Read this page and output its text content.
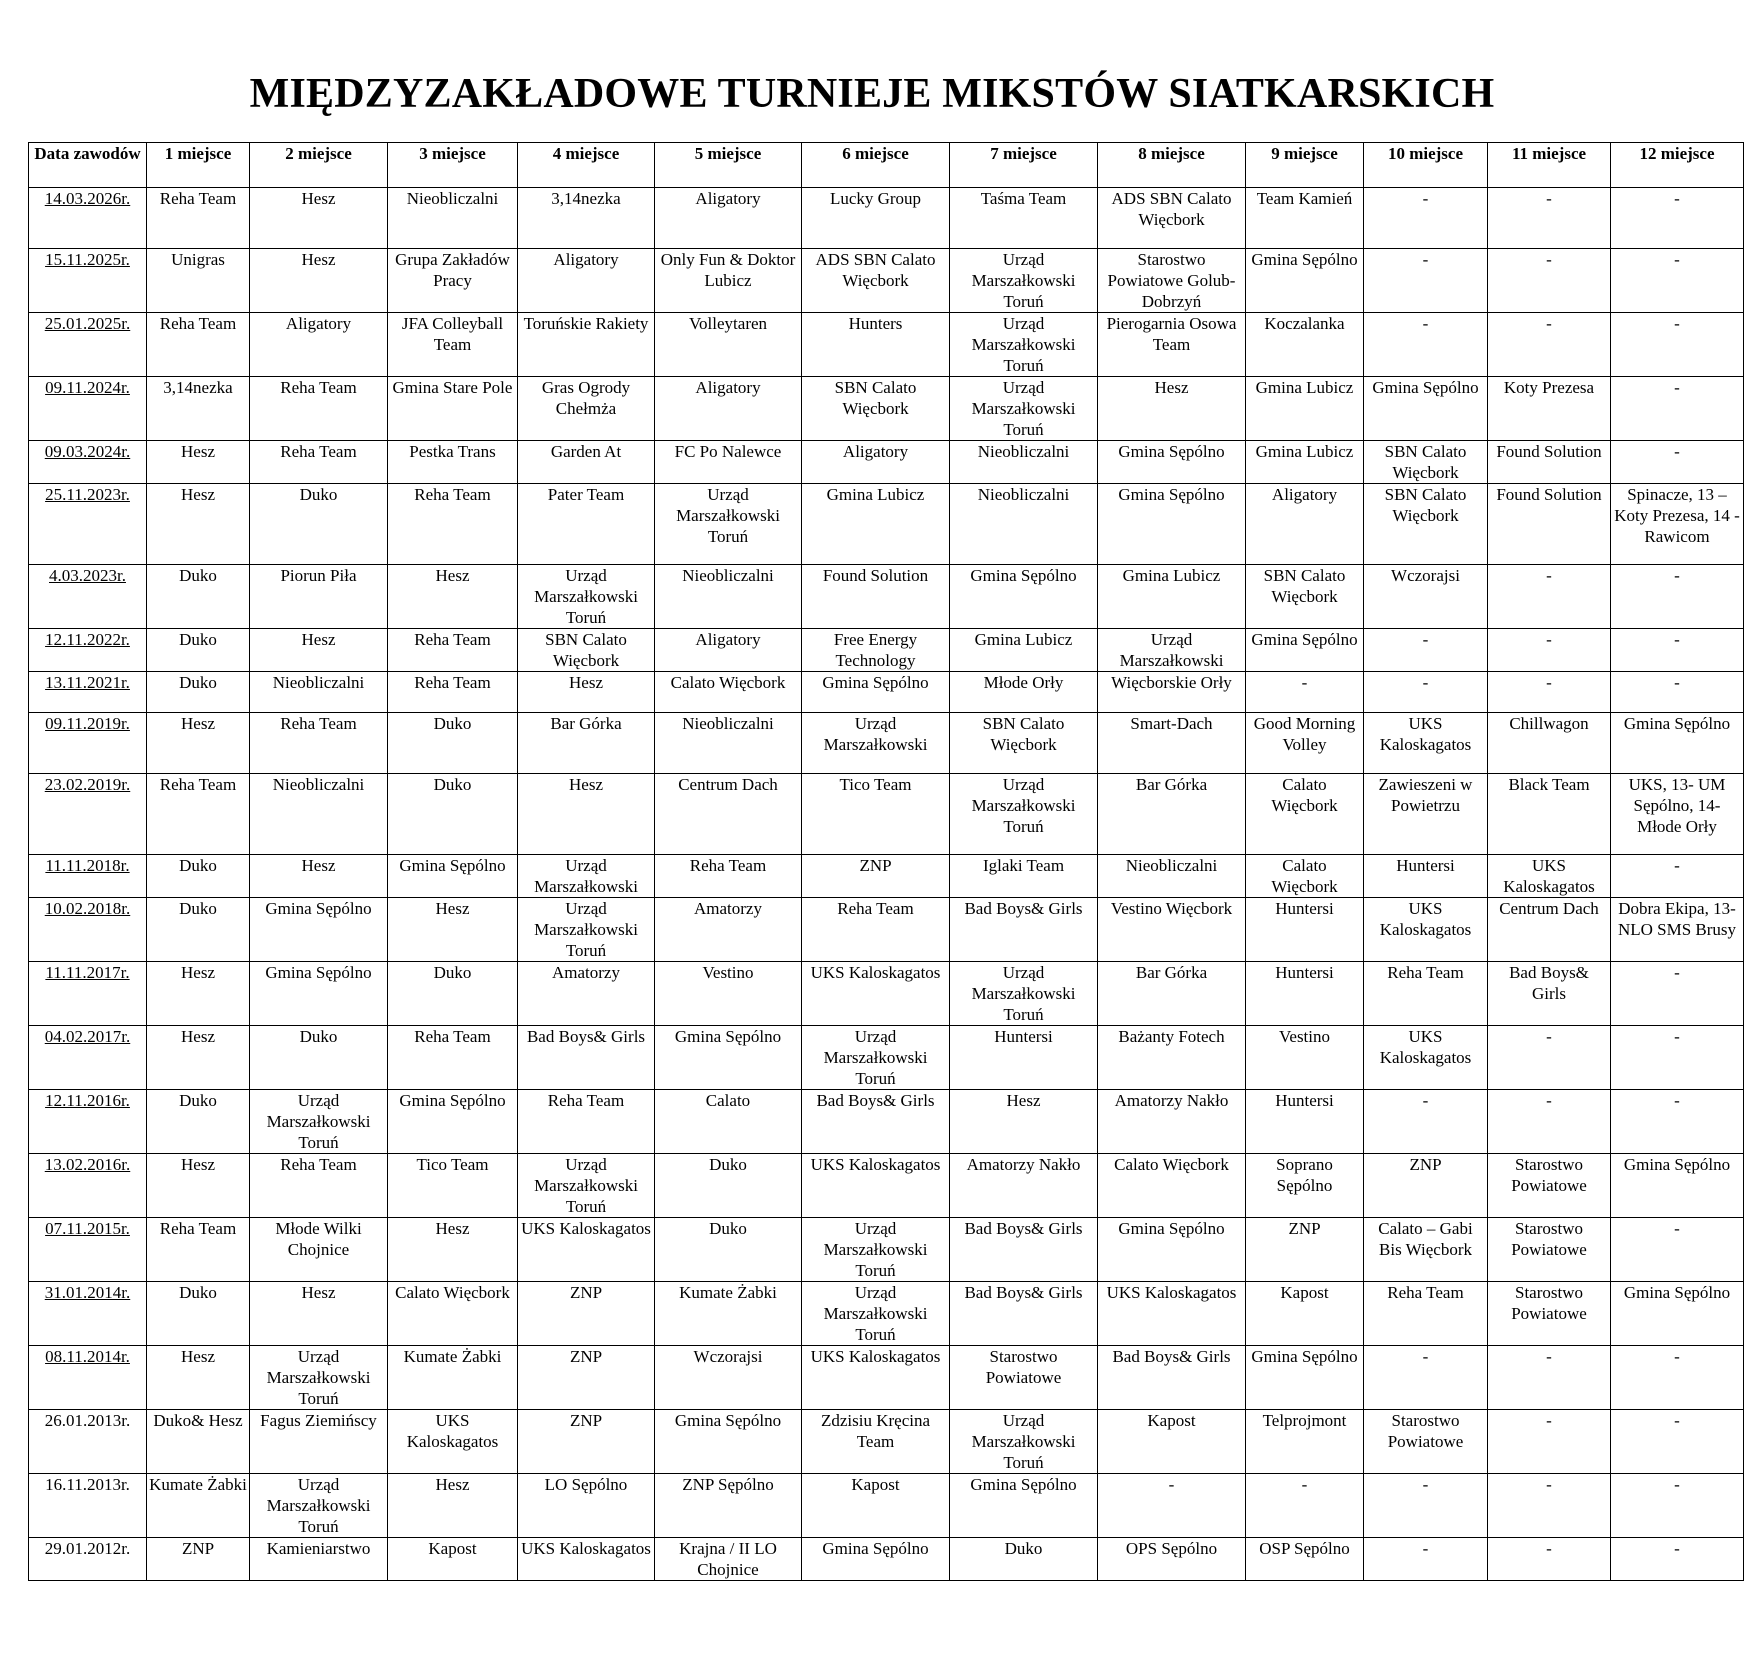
MIĘDZYZAKŁADOWE TURNIEJE MIKSTÓW SIATKARSKICH
Data zawodów	1 miejsce	2 miejsce	3 miejsce	4 miejsce	5 miejsce	6 miejsce	7 miejsce	8 miejsce	9 miejsce	10 miejsce	11 miejsce	12 miejsce
14.03.2026r.	Reha Team	Hesz	Nieobliczalni	3,14nezka	Aligatory	Lucky Group	Taśma Team	ADS SBN Calato Więcbork	Team Kamień	-	-	-
15.11.2025r.	Unigras	Hesz	Grupa Zakładów Pracy	Aligatory	Only Fun & Doktor Lubicz	ADS SBN Calato Więcbork	Urząd Marszałkowski Toruń	Starostwo Powiatowe Golub-Dobrzyń	Gmina Sępólno	-	-	-
25.01.2025r.	Reha Team	Aligatory	JFA Colleyball Team	Toruńskie Rakiety	Volleytaren	Hunters	Urząd Marszałkowski Toruń	Pierogarnia Osowa Team	Koczalanka	-	-	-
09.11.2024r.	3,14nezka	Reha Team	Gmina Stare Pole	Gras Ogrody Chełmża	Aligatory	SBN Calato Więcbork	Urząd Marszałkowski Toruń	Hesz	Gmina Lubicz	Gmina Sępólno	Koty Prezesa	-
09.03.2024r.	Hesz	Reha Team	Pestka Trans	Garden At	FC Po Nalewce	Aligatory	Nieobliczalni	Gmina Sępólno	Gmina Lubicz	SBN Calato Więcbork	Found Solution	-
25.11.2023r.	Hesz	Duko	Reha Team	Pater Team	Urząd Marszałkowski Toruń	Gmina Lubicz	Nieobliczalni	Gmina Sępólno	Aligatory	SBN Calato Więcbork	Found Solution	Spinacze, 13 – Koty Prezesa, 14 - Rawicom
4.03.2023r.	Duko	Piorun Piła	Hesz	Urząd Marszałkowski Toruń	Nieobliczalni	Found Solution	Gmina Sępólno	Gmina Lubicz	SBN Calato Więcbork	Wczorajsi	-	-
12.11.2022r.	Duko	Hesz	Reha Team	SBN Calato Więcbork	Aligatory	Free Energy Technology	Gmina Lubicz	Urząd Marszałkowski	Gmina Sępólno	-	-	-
13.11.2021r.	Duko	Nieobliczalni	Reha Team	Hesz	Calato Więcbork	Gmina Sępólno	Młode Orły	Więcborskie Orły	-	-	-	-
09.11.2019r.	Hesz	Reha Team	Duko	Bar Górka	Nieobliczalni	Urząd Marszałkowski	SBN Calato Więcbork	Smart-Dach	Good Morning Volley	UKS Kaloskagatos	Chillwagon	Gmina Sępólno
23.02.2019r.	Reha Team	Nieobliczalni	Duko	Hesz	Centrum Dach	Tico Team	Urząd Marszałkowski Toruń	Bar Górka	Calato Więcbork	Zawieszeni w Powietrzu	Black Team	UKS, 13- UM Sępólno, 14- Młode Orły
11.11.2018r.	Duko	Hesz	Gmina Sępólno	Urząd Marszałkowski	Reha Team	ZNP	Iglaki Team	Nieobliczalni	Calato Więcbork	Huntersi	UKS Kaloskagatos	-
10.02.2018r.	Duko	Gmina Sępólno	Hesz	Urząd Marszałkowski Toruń	Amatorzy	Reha Team	Bad Boys& Girls	Vestino Więcbork	Huntersi	UKS Kaloskagatos	Centrum Dach	Dobra Ekipa, 13- NLO SMS Brusy
11.11.2017r.	Hesz	Gmina Sępólno	Duko	Amatorzy	Vestino	UKS Kaloskagatos	Urząd Marszałkowski Toruń	Bar Górka	Huntersi	Reha Team	Bad Boys& Girls	-
04.02.2017r.	Hesz	Duko	Reha Team	Bad Boys& Girls	Gmina Sępólno	Urząd Marszałkowski Toruń	Huntersi	Bażanty Fotech	Vestino	UKS Kaloskagatos	-	-
12.11.2016r.	Duko	Urząd Marszałkowski Toruń	Gmina Sępólno	Reha Team	Calato	Bad Boys& Girls	Hesz	Amatorzy Nakło	Huntersi	-	-	-
13.02.2016r.	Hesz	Reha Team	Tico Team	Urząd Marszałkowski Toruń	Duko	UKS Kaloskagatos	Amatorzy Nakło	Calato Więcbork	Soprano Sępólno	ZNP	Starostwo Powiatowe	Gmina Sępólno
07.11.2015r.	Reha Team	Młode Wilki Chojnice	Hesz	UKS Kaloskagatos	Duko	Urząd Marszałkowski Toruń	Bad Boys& Girls	Gmina Sępólno	ZNP	Calato – Gabi Bis Więcbork	Starostwo Powiatowe	-
31.01.2014r.	Duko	Hesz	Calato Więcbork	ZNP	Kumate Żabki	Urząd Marszałkowski Toruń	Bad Boys& Girls	UKS Kaloskagatos	Kapost	Reha Team	Starostwo Powiatowe	Gmina Sępólno
08.11.2014r.	Hesz	Urząd Marszałkowski Toruń	Kumate Żabki	ZNP	Wczorajsi	UKS Kaloskagatos	Starostwo Powiatowe	Bad Boys& Girls	Gmina Sępólno	-	-	-
26.01.2013r.	Duko& Hesz	Fagus Ziemińscy	UKS Kaloskagatos	ZNP	Gmina Sępólno	Zdzisiu Kręcina Team	Urząd Marszałkowski Toruń	Kapost	Telprojmont	Starostwo Powiatowe	-	-
16.11.2013r.	Kumate Żabki	Urząd Marszałkowski Toruń	Hesz	LO Sępólno	ZNP Sępólno	Kapost	Gmina Sępólno	-	-	-	-	-
29.01.2012r.	ZNP	Kamieniarstwo	Kapost	UKS Kaloskagatos	Krajna / II LO Chojnice	Gmina Sępólno	Duko	OPS Sępólno	OSP Sępólno	-	-	-
